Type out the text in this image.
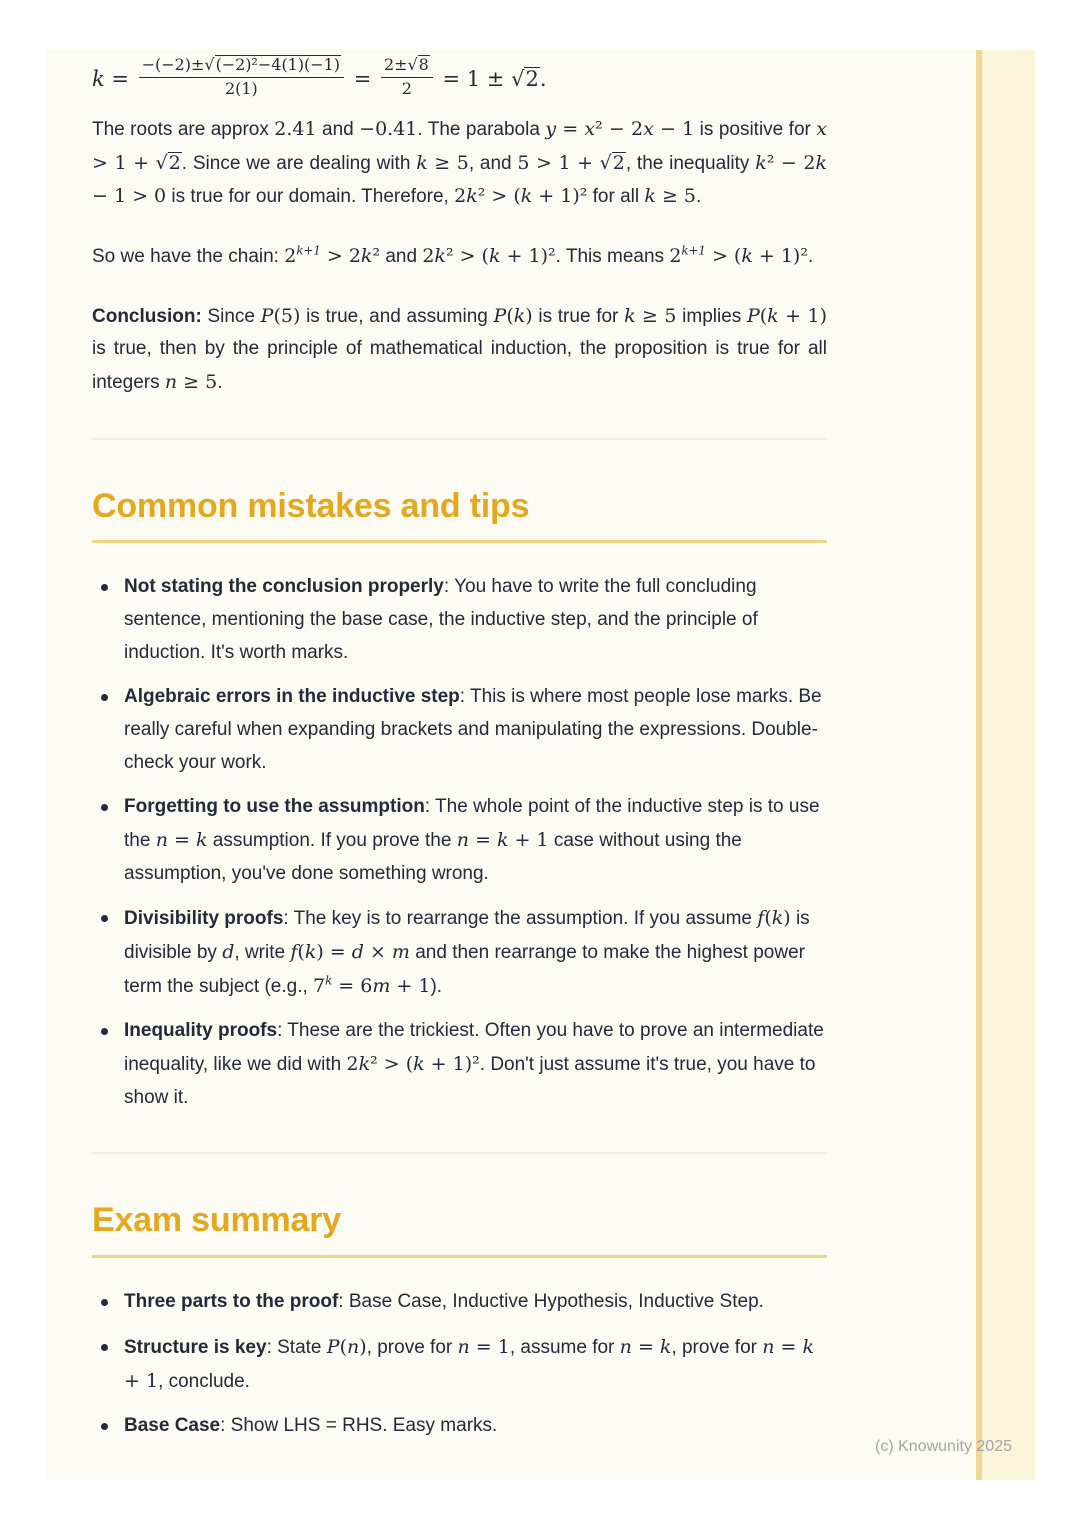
$k = \frac{\text{−(−2)± √(−2)²−4(1)(−1)}}{2(1)} = \frac{2\pm √8}{2} = 1 \pm √2$.

The roots are approx 2.41 and −0.41. The parabola y = x² − 2x − 1 is positive for x > 1 + √2. Since we are dealing with k ≥ 5, and 5 > 1 + √2, the inequality k² − 2k − 1 > 0 is true for our domain. Therefore, 2k² > (k + 1)² for all k ≥ 5.

So we have the chain: $2^{k+1} > 2k^2$ and 2k² > (k + 1)². This means $2^{k+1} > (k + 1)^2$.

Conclusion: Since P(5) is true, and assuming P(k) is true for k ≥ 5 implies P(k + 1) is true, then by the principle of mathematical induction, the proposition is true for all integers n ≥ 5.

Common mistakes and tips
Not stating the conclusion properly: You have to write the full concluding sentence, mentioning the base case, the inductive step, and the principle of induction. It's worth marks.
Algebraic errors in the inductive step: This is where most people lose marks. Be really careful when expanding brackets and manipulating the expressions. Double-check your work.
Forgetting to use the assumption: The whole point of the inductive step is to use the n = k assumption. If you prove the n = k + 1 case without using the assumption, you've done something wrong.
Divisibility proofs: The key is to rearrange the assumption. If you assume f(k) is divisible by d, write f(k) = d × m and then rearrange to make the highest power term the subject (e.g., $7^k = 6m + 1$).
Inequality proofs: These are the trickiest. Often you have to prove an intermediate inequality, like we did with 2k² > (k + 1)². Don't just assume it's true, you have to show it.
Exam summary
Three parts to the proof: Base Case, Inductive Hypothesis, Inductive Step.
Structure is key: State P(n), prove for n = 1, assume for n = k, prove for n = k + 1, conclude.
Base Case: Show LHS = RHS. Easy marks.
(c) Knowunity 2025
